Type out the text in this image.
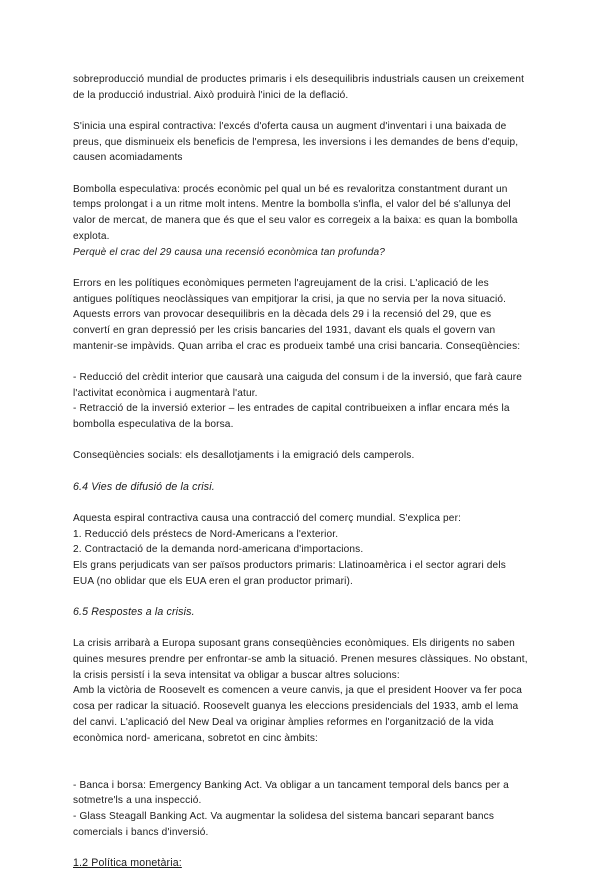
sobreproducció mundial de productes primaris i els desequilibris industrials causen un creixement de la producció industrial. Això produirà l'inici de la deflació.

S'inicia una espiral contractiva: l'excés d'oferta causa un augment d'inventari i una baixada de preus, que disminueix els beneficis de l'empresa, les inversions i les demandes de bens d'equip, causen acomiadaments

Bombolla especulativa: procés econòmic pel qual un bé es revaloritza constantment durant un temps prolongat i a un ritme molt intens. Mentre la bombolla s'infla, el valor del bé s'allunya del valor de mercat, de manera que és que el seu valor es corregeix a la baixa: es quan la bombolla explota.

Perquè el crac del 29 causa una recensió econòmica tan profunda?

Errors en les polítiques econòmiques permeten l'agreujament de la crisi. L'aplicació de les antigues polítiques neoclàssiques van empitjorar la crisi, ja que no servia per la nova situació. Aquests errors van provocar desequilibris en la dècada dels 29 i la recensió del 29, que es convertí en gran depressió per les crisis bancaries del 1931, davant els quals el govern van mantenir-se impàvids. Quan arriba el crac es produeix també una crisi bancaria. Conseqüències:

- Reducció del crèdit interior que causarà una caiguda del consum i de la inversió, que farà caure l'activitat econòmica i augmentarà l'atur.

- Retracció de la inversió exterior – les entrades de capital contribueixen a inflar encara més la bombolla especulativa de la borsa.

Conseqüències socials: els desallotjaments i la emigració dels camperols.

6.4 Vies de difusió de la crisi.

Aquesta espiral contractiva causa una contracció del comerç mundial. S'explica per:

1. Reducció dels préstecs de Nord-Americans a l'exterior.

2. Contractació de la demanda nord-americana d'importacions.

Els grans perjudicats van ser països productors primaris: Llatinoamèrica i el sector agrari dels EUA (no oblidar que els EUA eren el gran productor primari).

6.5 Respostes a la crisis.

La crisis arribarà a Europa suposant grans conseqüències econòmiques. Els dirigents no saben quines mesures prendre per enfrontar-se amb la situació. Prenen mesures clàssiques. No obstant, la crisis persistí i la seva intensitat va obligar a buscar altres solucions:

Amb la victòria de Roosevelt es comencen a veure canvis, ja que el president Hoover va fer poca cosa per radicar la situació. Roosevelt guanya les eleccions presidencials del 1933, amb el lema del canvi. L'aplicació del New Deal va originar àmplies reformes en l'organització de la vida econòmica nord- americana, sobretot en cinc àmbits:

- Banca i borsa: Emergency Banking Act. Va obligar a un tancament temporal dels bancs per a sotmetre'ls a una inspecció.

- Glass Steagall Banking Act. Va augmentar la solidesa del sistema bancari separant bancs comercials i bancs d'inversió.

1.2 Política monetària:
